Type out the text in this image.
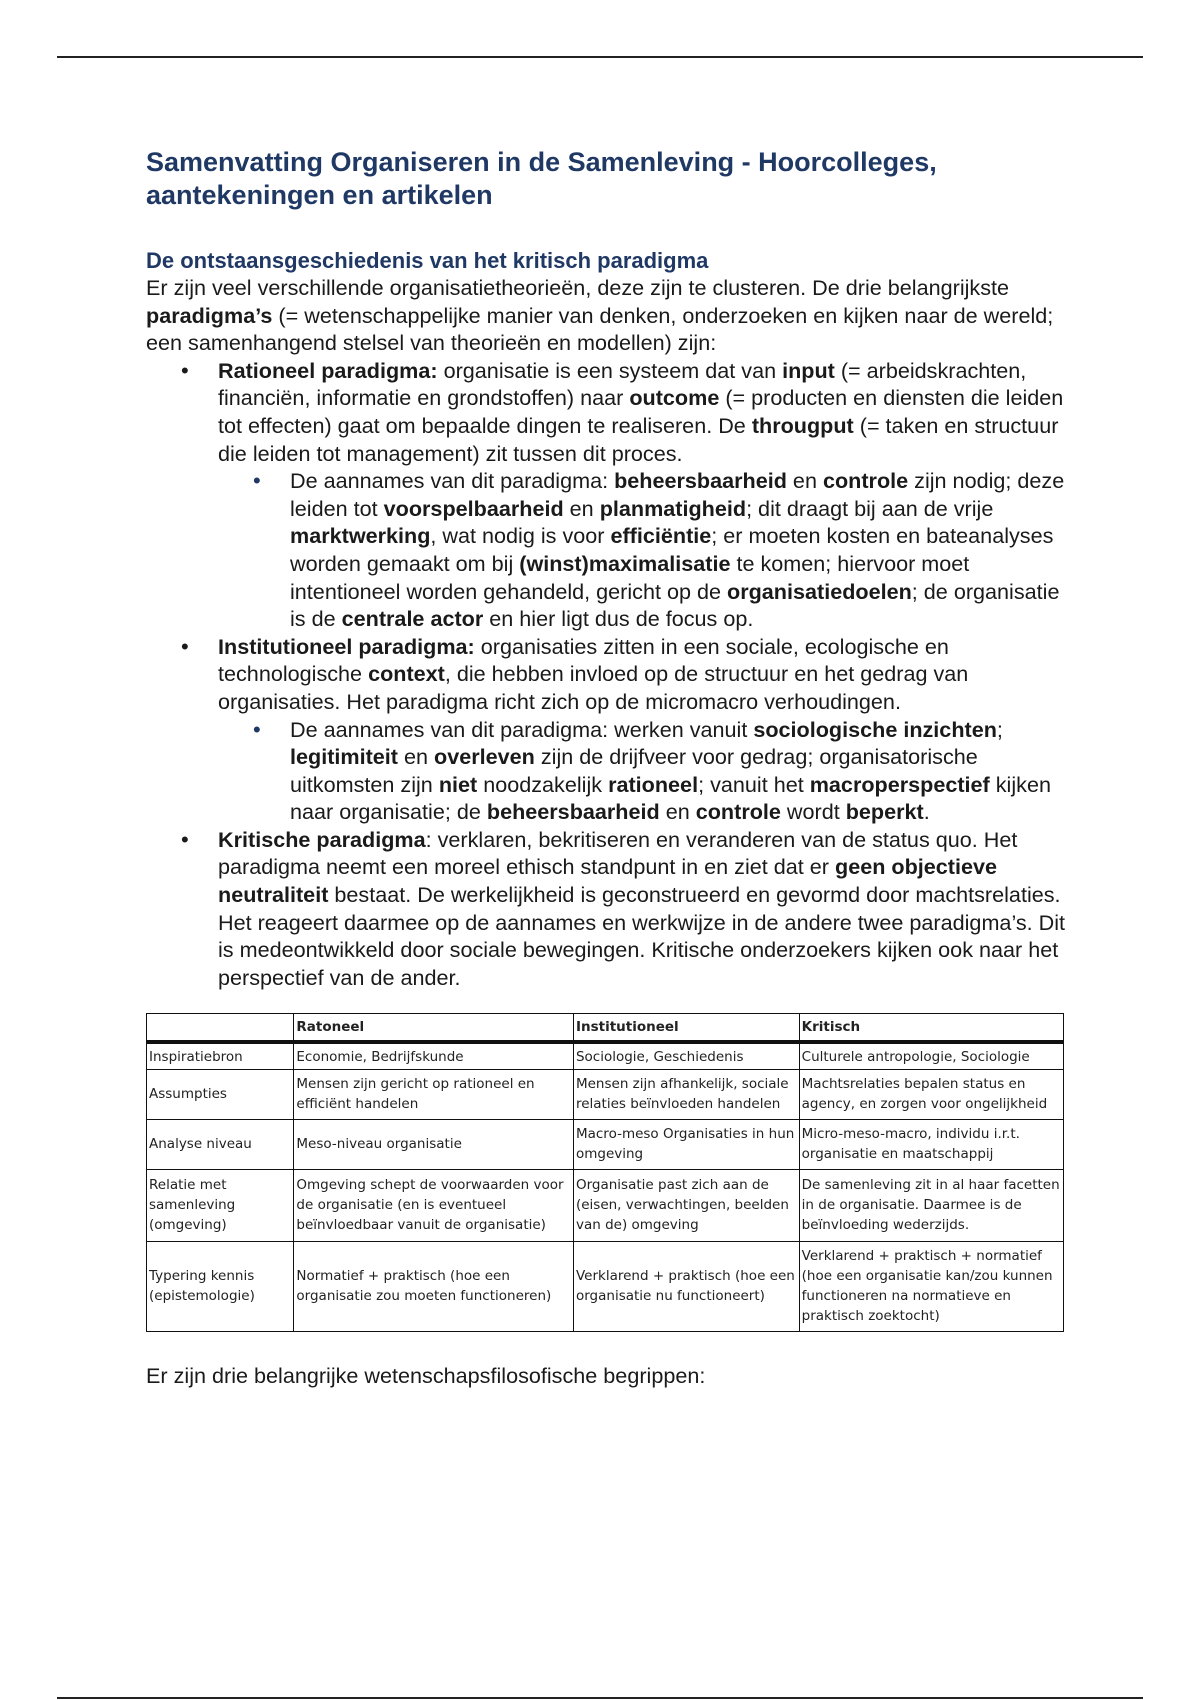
Samenvatting Organiseren in de Samenleving - Hoorcolleges, aantekeningen en artikelen
De ontstaansgeschiedenis van het kritisch paradigma

Er zijn veel verschillende organisatietheorieën, deze zijn te clusteren. De drie belangrijkste paradigma’s (= wetenschappelijke manier van denken, onderzoeken en kijken naar de wereld; een samenhangend stelsel van theorieën en modellen) zijn:

• Rationeel paradigma: organisatie is een systeem dat van input (= arbeidskrachten, financiën, informatie en grondstoffen) naar outcome (= producten en diensten die leiden tot effecten) gaat om bepaalde dingen te realiseren. De througput (= taken en structuur die leiden tot management) zit tussen dit proces.
• De aannames van dit paradigma: beheersbaarheid en controle zijn nodig; deze leiden tot voorspelbaarheid en planmatigheid; dit draagt bij aan de vrije marktwerking, wat nodig is voor efficiëntie; er moeten kosten en bateanalyses worden gemaakt om bij (winst)maximalisatie te komen; hiervoor moet intentioneel worden gehandeld, gericht op de organisatiedoelen; de organisatie is de centrale actor en hier ligt dus de focus op.
• Institutioneel paradigma: organisaties zitten in een sociale, ecologische en technologische context, die hebben invloed op de structuur en het gedrag van organisaties. Het paradigma richt zich op de micromacro verhoudingen.
• De aannames van dit paradigma: werken vanuit sociologische inzichten; legitimiteit en overleven zijn de drijfveer voor gedrag; organisatorische uitkomsten zijn niet noodzakelijk rationeel; vanuit het macroperspectief kijken naar organisatie; de beheersbaarheid en controle wordt beperkt.
• Kritische paradigma: verklaren, bekritiseren en veranderen van de status quo. Het paradigma neemt een moreel ethisch standpunt in en ziet dat er geen objectieve neutraliteit bestaat. De werkelijkheid is geconstrueerd en gevormd door machtsrelaties. Het reageert daarmee op de aannames en werkwijze in de andere twee paradigma’s. Dit is medeontwikkeld door sociale bewegingen. Kritische onderzoekers kijken ook naar het perspectief van de ander.
	Ratoneel	Institutioneel	Kritisch
Inspiratiebron	Economie, Bedrijfskunde	Sociologie, Geschiedenis	Culturele antropologie, Sociologie
Assumpties	Mensen zijn gericht op rationeel en efficiënt handelen	Mensen zijn afhankelijk, sociale relaties beïnvloeden handelen	Machtsrelaties bepalen status en agency, en zorgen voor ongelijkheid
Analyse niveau	Meso-niveau organisatie	Macro-meso Organisaties in hun omgeving	Micro-meso-macro, individu i.r.t. organisatie en maatschappij
Relatie met samenleving (omgeving)	Omgeving schept de voorwaarden voor de organisatie (en is eventueel beïnvloedbaar vanuit de organisatie)	Organisatie past zich aan de (eisen, verwachtingen, beelden van de) omgeving	De samenleving zit in al haar facetten in de organisatie. Daarmee is de beïnvloeding wederzijds.
Typering kennis (epistemologie)	Normatief + praktisch (hoe een organisatie zou moeten functioneren)	Verklarend + praktisch (hoe een organisatie nu functioneert)	Verklarend + praktisch + normatief (hoe een organisatie kan/zou kunnen functioneren na normatieve en praktisch zoektocht)

Er zijn drie belangrijke wetenschapsfilosofische begrippen:
